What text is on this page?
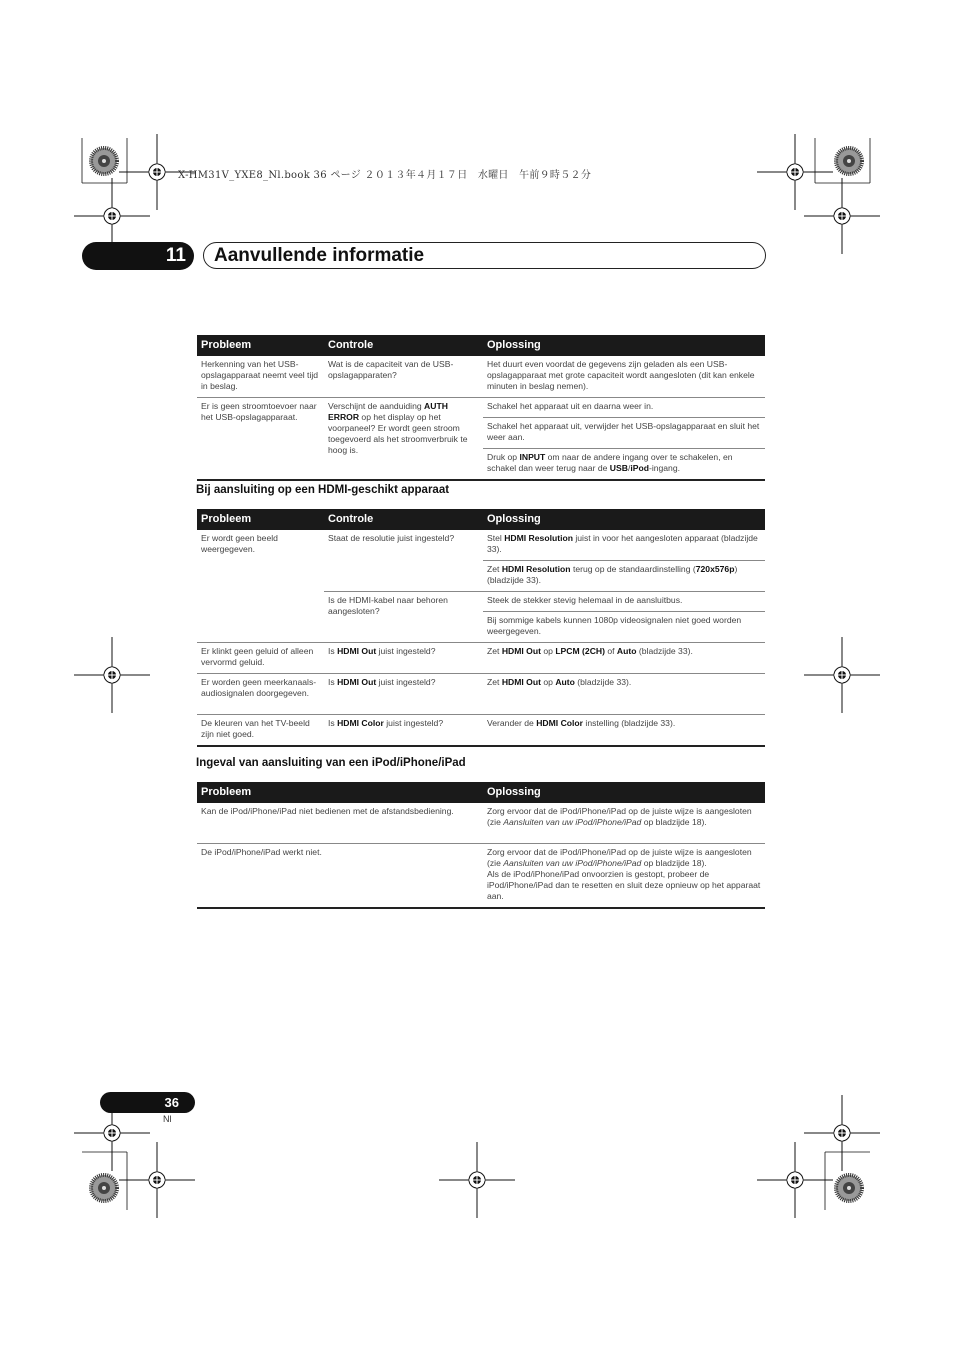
X-HM31V_YXE8_Nl.book 36 ページ ２０１３年４月１７日　水曜日　午前９時５２分
11	Aanvullende informatie
Probleem	Controle	Oplossing
Herkenning van het USB-opslagapparaat neemt veel tijd in beslag.	Wat is de capaciteit van de USB-opslagapparaten?	Het duurt even voordat de gegevens zijn geladen als een USB-opslagapparaat met grote capaciteit wordt aangesloten (dit kan enkele minuten in beslag nemen).
Er is geen stroomtoevoer naar het USB-opslagapparaat.	Verschijnt de aanduiding AUTH ERROR op het display op het voorpaneel? Er wordt geen stroom toegevoerd als het stroomverbruik te hoog is.	Schakel het apparaat uit en daarna weer in.
		Schakel het apparaat uit, verwijder het USB-opslagapparaat en sluit het weer aan.
		Druk op INPUT om naar de andere ingang over te schakelen, en schakel dan weer terug naar de USB/iPod-ingang.
Bij aansluiting op een HDMI-geschikt apparaat
Probleem	Controle	Oplossing
Er wordt geen beeld weergegeven.	Staat de resolutie juist ingesteld?	Stel HDMI Resolution juist in voor het aangesloten apparaat (bladzijde 33).
		Zet HDMI Resolution terug op de standaardinstelling (720x576p) (bladzijde 33).
	Is de HDMI-kabel naar behoren aangesloten?	Steek de stekker stevig helemaal in de aansluitbus.
		Bij sommige kabels kunnen 1080p videosignalen niet goed worden weergegeven.
Er klinkt geen geluid of alleen vervormd geluid.	Is HDMI Out juist ingesteld?	Zet HDMI Out op LPCM (2CH) of Auto (bladzijde 33).
Er worden geen meerkanaals-audiosignalen doorgegeven.	Is HDMI Out juist ingesteld?	Zet HDMI Out op Auto (bladzijde 33).
De kleuren van het TV-beeld zijn niet goed.	Is HDMI Color juist ingesteld?	Verander de HDMI Color instelling (bladzijde 33).
Ingeval van aansluiting van een iPod/iPhone/iPad
Probleem	Oplossing
Kan de iPod/iPhone/iPad niet bedienen met de afstandsbediening.	Zorg ervoor dat de iPod/iPhone/iPad op de juiste wijze is aangesloten (zie Aansluiten van uw iPod/iPhone/iPad op bladzijde 18).
De iPod/iPhone/iPad werkt niet.	Zorg ervoor dat de iPod/iPhone/iPad op de juiste wijze is aangesloten (zie Aansluiten van uw iPod/iPhone/iPad op bladzijde 18).
Als de iPod/iPhone/iPad onvoorzien is gestopt, probeer de iPod/iPhone/iPad dan te resetten en sluit deze opnieuw op het apparaat aan.
36
Nl
